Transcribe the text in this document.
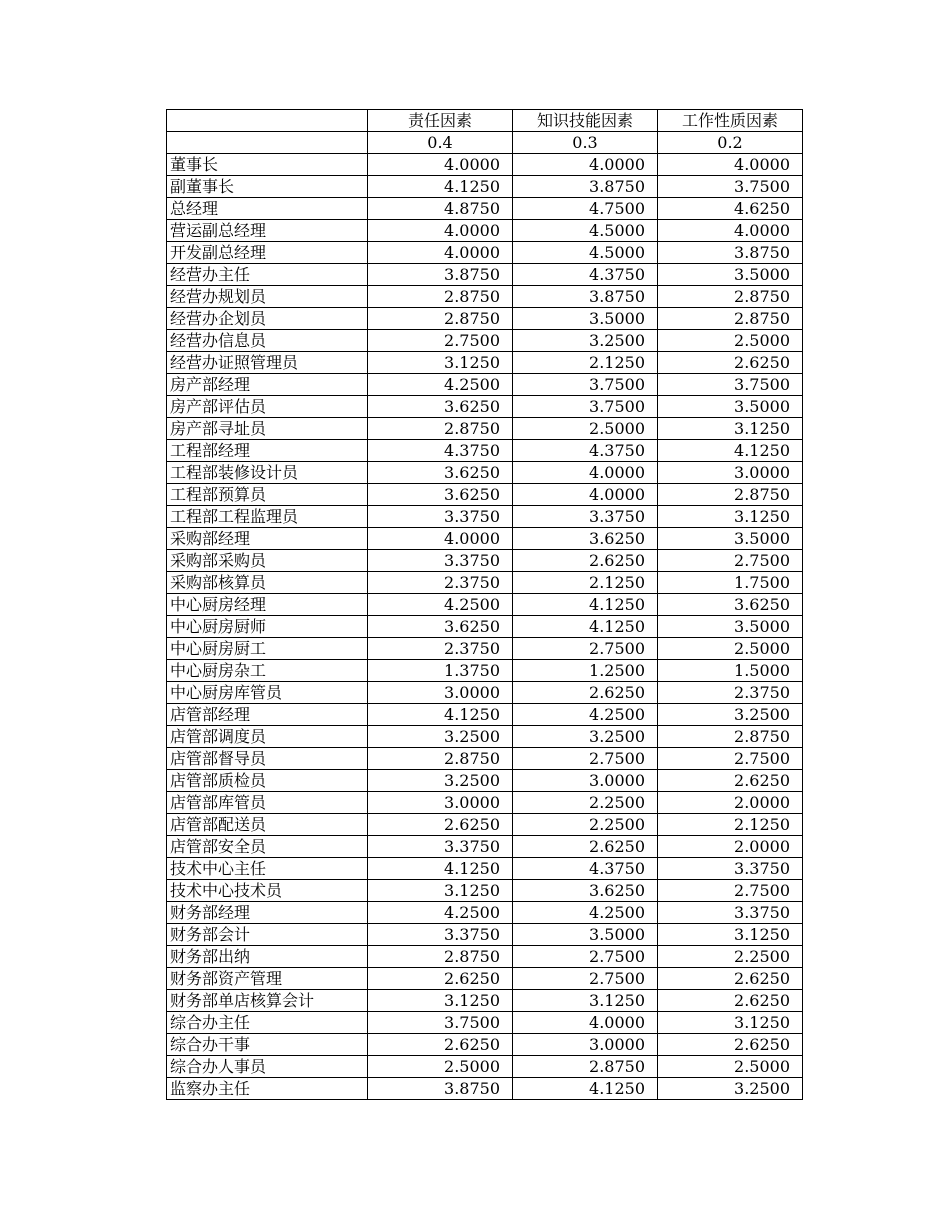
	责任因素	知识技能因素	工作性质因素
	0.4	0.3	0.2
董事长	4.0000	4.0000	4.0000
副董事长	4.1250	3.8750	3.7500
总经理	4.8750	4.7500	4.6250
营运副总经理	4.0000	4.5000	4.0000
开发副总经理	4.0000	4.5000	3.8750
经营办主任	3.8750	4.3750	3.5000
经营办规划员	2.8750	3.8750	2.8750
经营办企划员	2.8750	3.5000	2.8750
经营办信息员	2.7500	3.2500	2.5000
经营办证照管理员	3.1250	2.1250	2.6250
房产部经理	4.2500	3.7500	3.7500
房产部评估员	3.6250	3.7500	3.5000
房产部寻址员	2.8750	2.5000	3.1250
工程部经理	4.3750	4.3750	4.1250
工程部装修设计员	3.6250	4.0000	3.0000
工程部预算员	3.6250	4.0000	2.8750
工程部工程监理员	3.3750	3.3750	3.1250
采购部经理	4.0000	3.6250	3.5000
采购部采购员	3.3750	2.6250	2.7500
采购部核算员	2.3750	2.1250	1.7500
中心厨房经理	4.2500	4.1250	3.6250
中心厨房厨师	3.6250	4.1250	3.5000
中心厨房厨工	2.3750	2.7500	2.5000
中心厨房杂工	1.3750	1.2500	1.5000
中心厨房库管员	3.0000	2.6250	2.3750
店管部经理	4.1250	4.2500	3.2500
店管部调度员	3.2500	3.2500	2.8750
店管部督导员	2.8750	2.7500	2.7500
店管部质检员	3.2500	3.0000	2.6250
店管部库管员	3.0000	2.2500	2.0000
店管部配送员	2.6250	2.2500	2.1250
店管部安全员	3.3750	2.6250	2.0000
技术中心主任	4.1250	4.3750	3.3750
技术中心技术员	3.1250	3.6250	2.7500
财务部经理	4.2500	4.2500	3.3750
财务部会计	3.3750	3.5000	3.1250
财务部出纳	2.8750	2.7500	2.2500
财务部资产管理	2.6250	2.7500	2.6250
财务部单店核算会计	3.1250	3.1250	2.6250
综合办主任	3.7500	4.0000	3.1250
综合办干事	2.6250	3.0000	2.6250
综合办人事员	2.5000	2.8750	2.5000
监察办主任	3.8750	4.1250	3.2500
